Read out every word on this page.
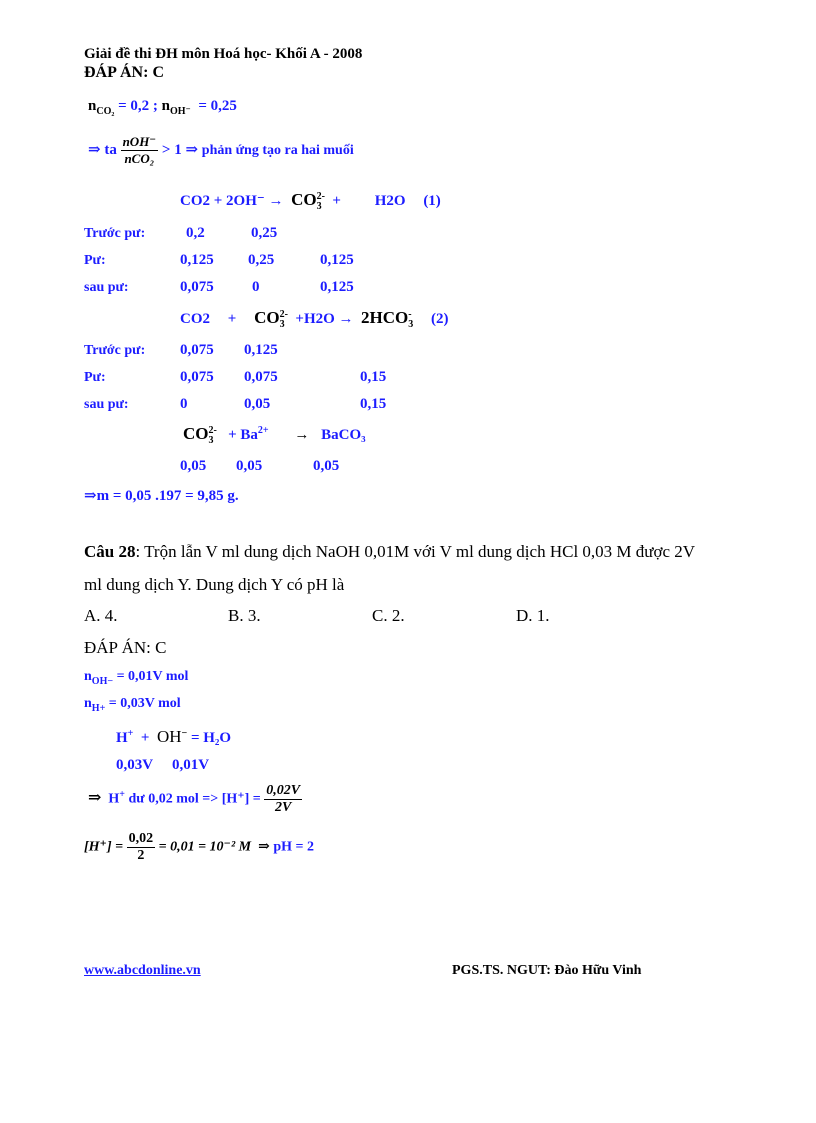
Giải đề thi ĐH môn Hoá học- Khối A - 2008
ĐÁP ÁN: C
$n_{CO_2} = 0,2$ ; $n_{OH^-} = 0,25$
⇒ ta $\frac{\text{nOH⁻}}{\text{nCO₂}} > 1$ ⇒ phản ứng tạo ra hai muối
CO2 + 2OH⁻ → CO 2-
3 + H2O (1)
Trước pư:	0,2	0,25
Pư:	0,125 0,25	0,125
sau pư:	0,075	0	0,125
CO2 + CO 2-
3 +H2O → 2HCO -
3 (2)
Trước pư: 0,075 0,125
Pư:	0,075 0,075	0,15
sau pư:	0	0,05	0,15
CO 2-
$3 + Ba^{2+}$ → BaCO₃
0,05 0,05	0,05
⇒m = 0,05 .197 = 9,85 g.
Câu 28: Trộn lẫn V ml dung dịch NaOH 0,01M với V ml dung dịch HCl 0,03 M được 2V
ml dung dịch Y. Dung dịch Y có pH là
A. 4.	B. 3.	C. 2.	D. 1.
ĐÁP ÁN: C
$n_{OH-} = 0,01V$ mol
$n_{H+} = 0,03V$ mol
H+ + OH− = H₂O
0,03V 0,01V
⇒ H+ dư 0,02 mol => $[H^+] = \frac{0,02V}{2V}$
$[H^+] = \frac{0,02}{2} = 0,01 = 10^{-2}$ M ⇒ pH = 2
www.abcdonline.vn	PGS.TS. NGUT: Đào Hữu Vinh
